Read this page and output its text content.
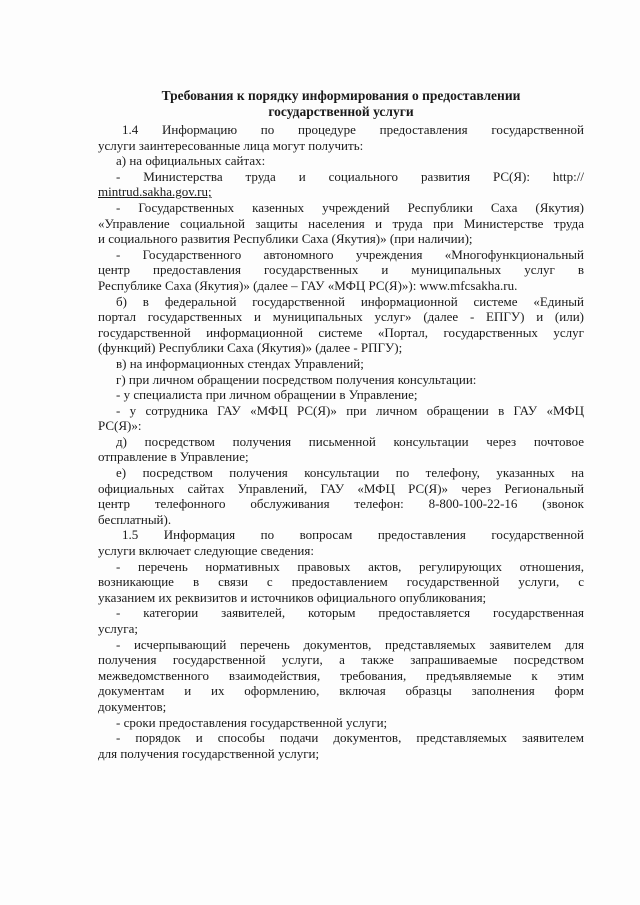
Требования к порядку информирования о предоставлении
государственной услуги
1.4 Информацию по процедуре предоставления государственной
услуги заинтересованные лица могут получить:
а) на официальных сайтах:
- Министерства труда и социального развития РС(Я): http://
mintrud.sakha.gov.ru;
- Государственных казенных учреждений Республики Саха (Якутия)
«Управление социальной защиты населения и труда при Министерстве труда
и социального развития Республики Саха (Якутия)» (при наличии);
- Государственного автономного учреждения «Многофункциональный
центр предоставления государственных и муниципальных услуг в
Республике Саха (Якутия)» (далее – ГАУ «МФЦ РС(Я)»): www.mfcsakha.ru.
б) в федеральной государственной информационной системе «Единый
портал государственных и муниципальных услуг» (далее - ЕПГУ) и (или)
государственной информационной системе «Портал, государственных услуг
(функций) Республики Саха (Якутия)» (далее - РПГУ);
в) на информационных стендах Управлений;
г) при личном обращении посредством получения консультации:
- у специалиста при личном обращении в Управление;
- у сотрудника ГАУ «МФЦ РС(Я)» при личном обращении в ГАУ «МФЦ
РС(Я)»:
д) посредством получения письменной консультации через почтовое
отправление в Управление;
е) посредством получения консультации по телефону, указанных на
официальных сайтах Управлений, ГАУ «МФЦ РС(Я)» через Региональный
центр телефонного обслуживания телефон: 8-800-100-22-16 (звонок
бесплатный).
1.5 Информация по вопросам предоставления государственной
услуги включает следующие сведения:
- перечень нормативных правовых актов, регулирующих отношения,
возникающие в связи с предоставлением государственной услуги, с
указанием их реквизитов и источников официального опубликования;
- категории заявителей, которым предоставляется государственная
услуга;
- исчерпывающий перечень документов, представляемых заявителем для
получения государственной услуги, а также запрашиваемые посредством
межведомственного взаимодействия, требования, предъявляемые к этим
документам и их оформлению, включая образцы заполнения форм
документов;
- сроки предоставления государственной услуги;
- порядок и способы подачи документов, представляемых заявителем
для получения государственной услуги;
